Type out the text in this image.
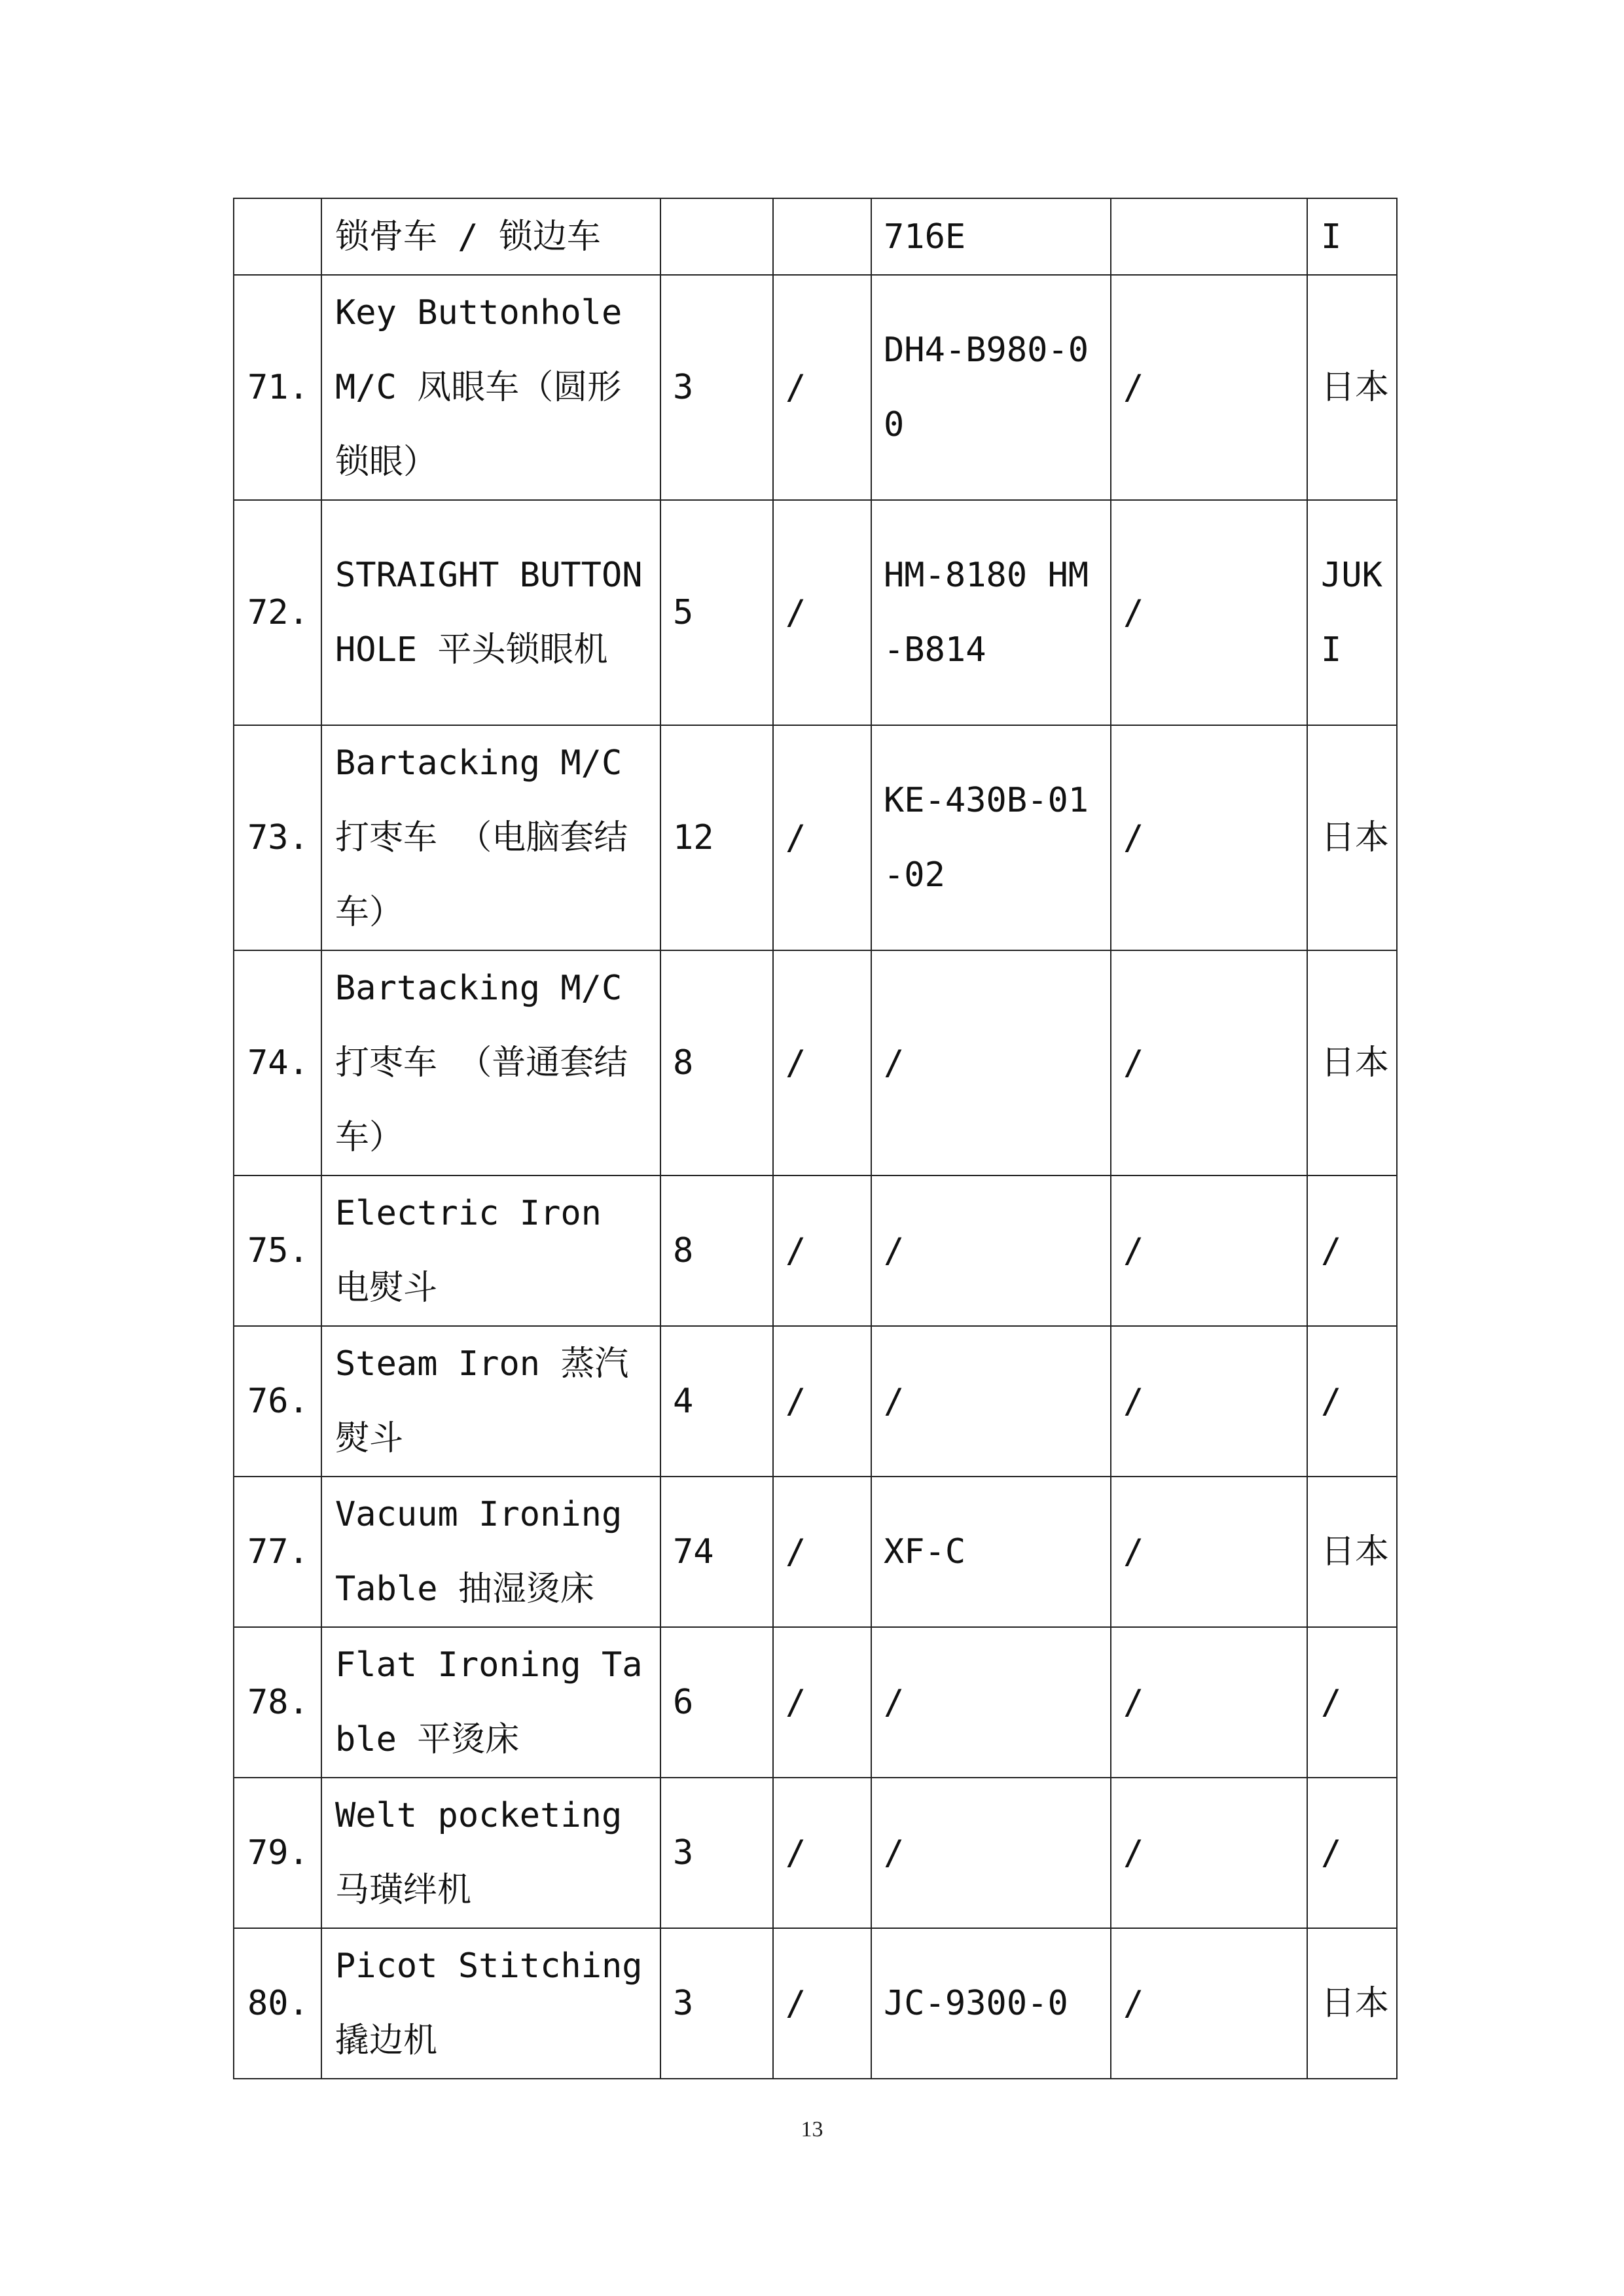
	锁骨车 / 锁边车			716E		I
71.	Key Buttonhole M/C 凤眼车（圆形锁眼）	3	/	DH4-B980-00	/	日本
72.	STRAIGHT BUTTONHOLE 平头锁眼机	5	/	HM-8180 HM-B814	/	JUKI
73.	Bartacking M/C 打枣车 （电脑套结车）	12	/	KE-430B-01-02	/	日本
74.	Bartacking M/C 打枣车 （普通套结车）	8	/	/	/	日本
75.	Electric Iron 电熨斗	8	/	/	/	/
76.	Steam Iron 蒸汽熨斗	4	/	/	/	/
77.	Vacuum Ironing Table 抽湿烫床	74	/	XF-C	/	日本
78.	Flat Ironing Table 平烫床	6	/	/	/	/
79.	Welt pocketing 马璜绊机	3	/	/	/	/
80.	Picot Stitching 撬边机	3	/	JC-9300-0	/	日本
13
